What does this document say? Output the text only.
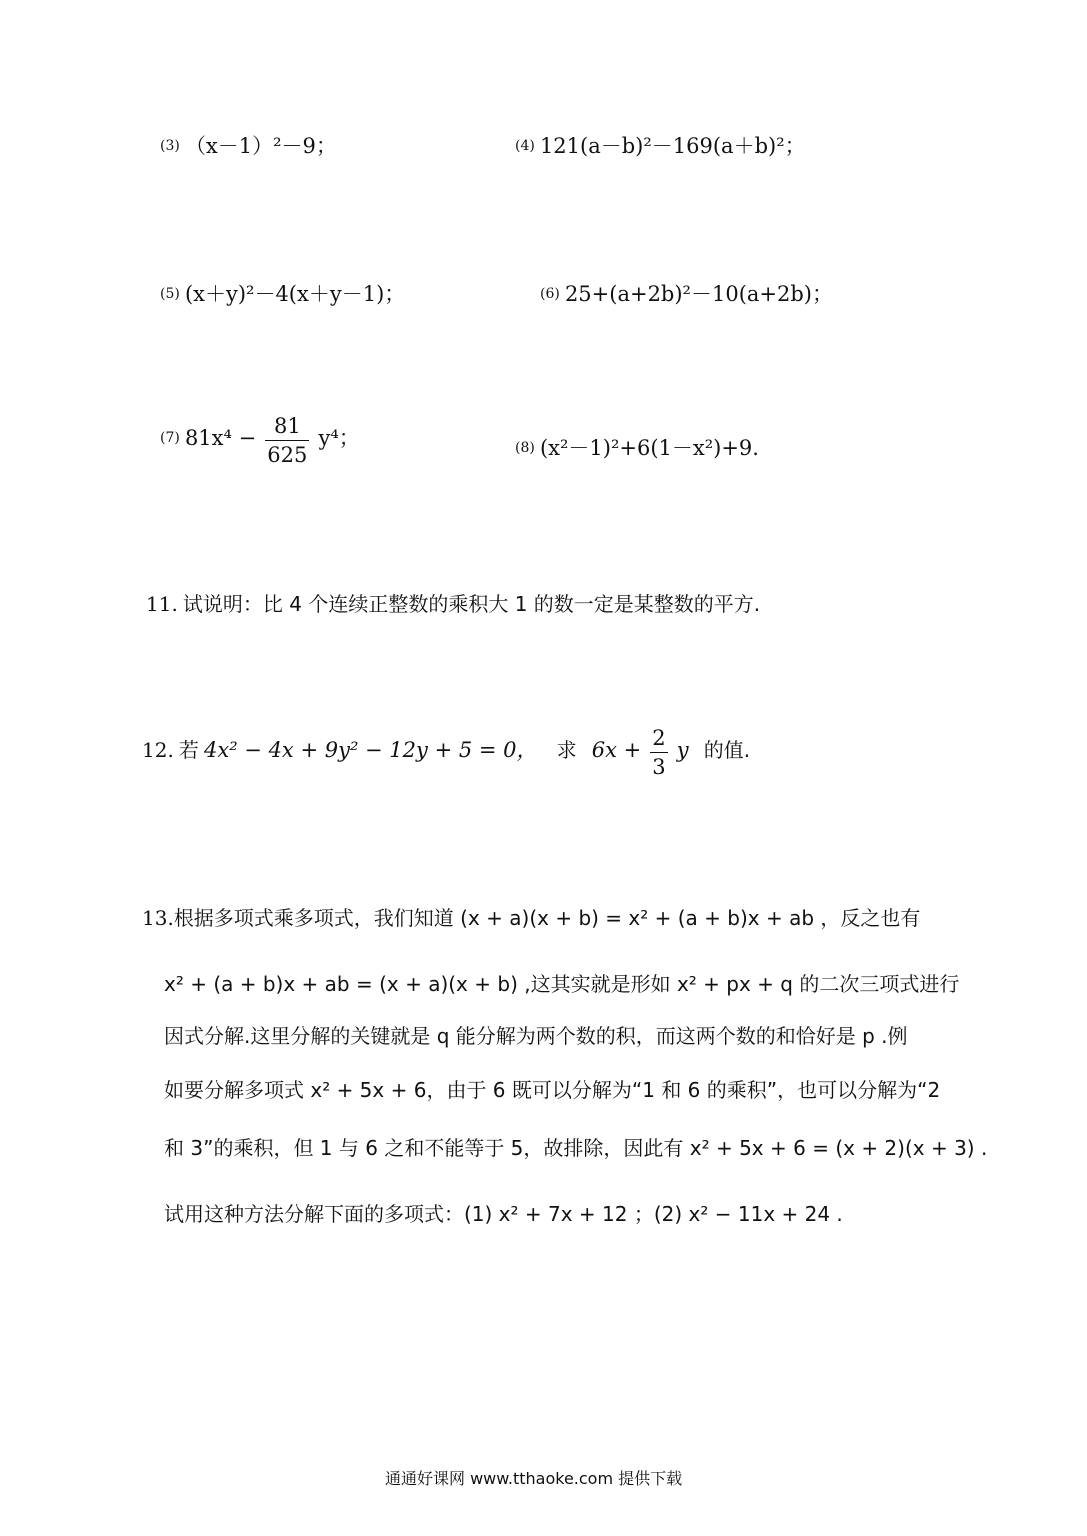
(3) （x－1）²－9；	(4) 121(a－b)²－169(a＋b)²；
(5) (x＋y)²－4(x＋y－1)；	(6) 25+(a+2b)²－10(a+2b)；
(7) $81x^4 - \frac{81}{625} y^4$；	(8) (x²－1)²+6(1－x²)+9.
11. 试说明：比 4 个连续正整数的乘积大 1 的数一定是某整数的平方.
12. 若 4x² − 4x + 9y² − 12y + 5 = 0， 求 $6x + \frac{2}{3}$ y 的值.
13.根据多项式乘多项式，我们知道 (x + a)(x + b) = x² + (a + b)x + ab ，反之也有
x² + (a + b)x + ab = (x + a)(x + b) ,这其实就是形如 x² + px + q 的二次三项式进行
因式分解.这里分解的关键就是 q 能分解为两个数的积，而这两个数的和恰好是 p .例
如要分解多项式 x² + 5x + 6，由于 6 既可以分解为“1 和 6 的乘积”，也可以分解为“2
和 3”的乘积，但 1 与 6 之和不能等于 5，故排除，因此有 x² + 5x + 6 = (x + 2)(x + 3) .
试用这种方法分解下面的多项式：(1) x² + 7x + 12 ；(2) x² − 11x + 24 .
通通好课网 www.tthaoke.com 提供下载
